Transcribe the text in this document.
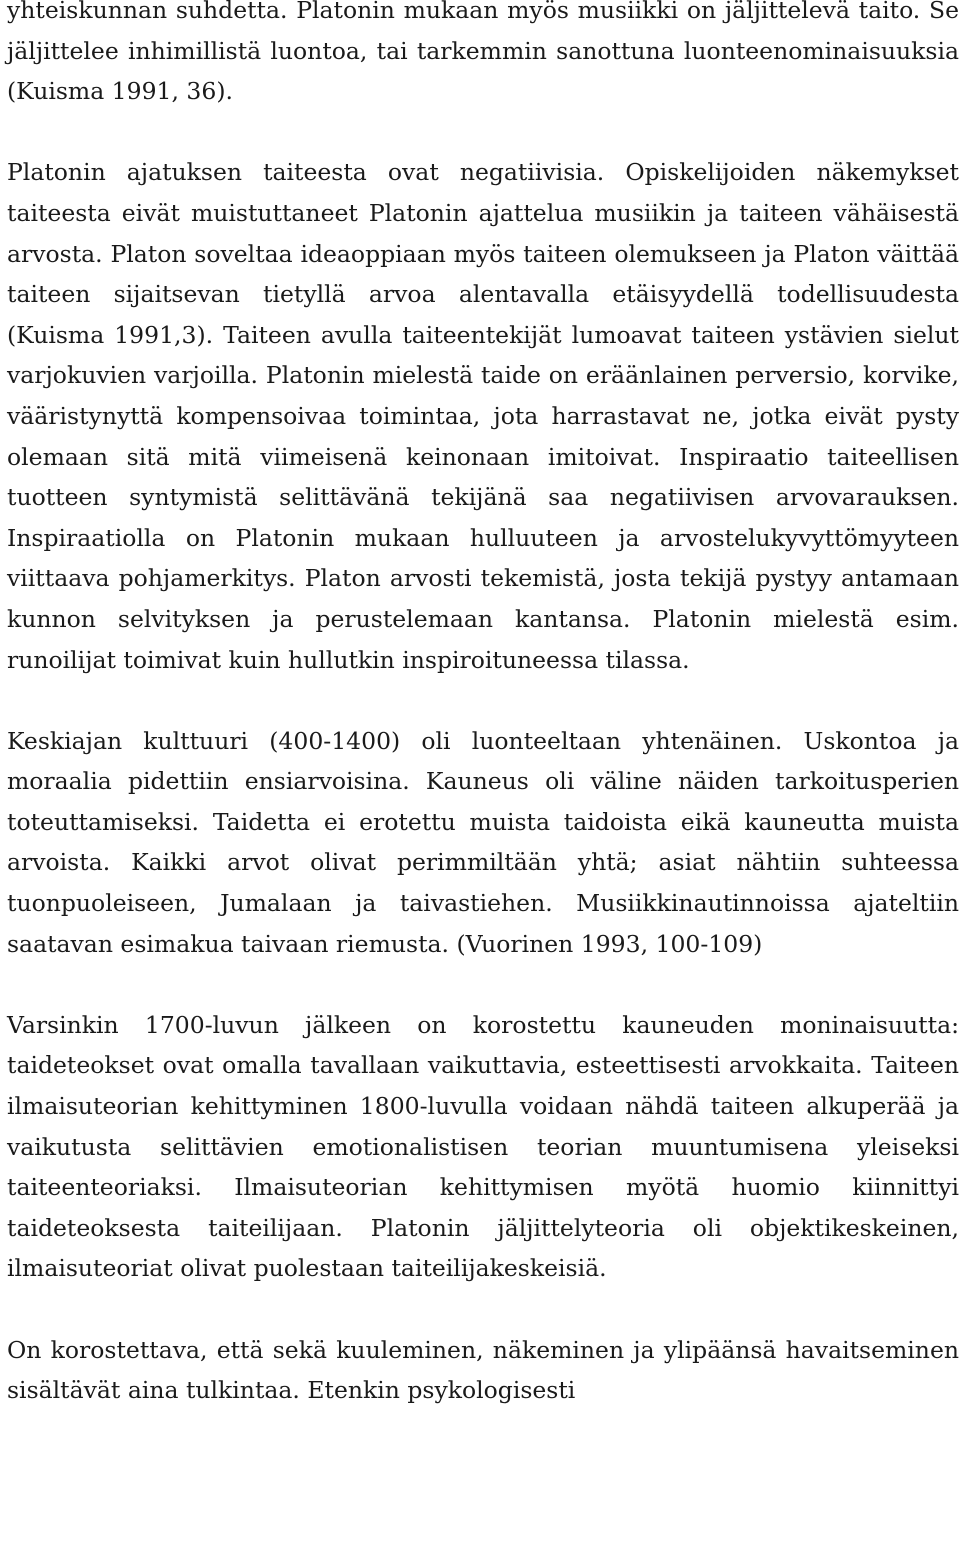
yhteiskunnan suhdetta. Platonin mukaan myös musiikki on jäljittelevä taito. Se jäljittelee inhimillistä luontoa, tai tarkemmin sanottuna luonteenominaisuuksia (Kuisma 1991, 36).

Platonin ajatuksen taiteesta ovat negatiivisia. Opiskelijoiden näkemykset taiteesta eivät muistuttaneet Platonin ajattelua musiikin ja taiteen vähäisestä arvosta. Platon soveltaa ideaoppiaan myös taiteen olemukseen ja Platon väittää taiteen sijaitsevan tietyllä arvoa alentavalla etäisyydellä todellisuudesta (Kuisma 1991,3). Taiteen avulla taiteentekijät lumoavat taiteen ystävien sielut varjokuvien varjoilla. Platonin mielestä taide on eräänlainen perversio, korvike, vääristynyttä kompensoivaa toimintaa, jota harrastavat ne, jotka eivät pysty olemaan sitä mitä viimeisenä keinonaan imitoivat. Inspiraatio taiteellisen tuotteen syntymistä selittävänä tekijänä saa negatiivisen arvovarauksen. Inspiraatiolla on Platonin mukaan hulluuteen ja arvostelukyvyttömyyteen viittaava pohjamerkitys. Platon arvosti tekemistä, josta tekijä pystyy antamaan kunnon selvityksen ja perustelemaan kantansa. Platonin mielestä esim. runoilijat toimivat kuin hullutkin inspiroituneessa tilassa.

Keskiajan kulttuuri (400-1400) oli luonteeltaan yhtenäinen. Uskontoa ja moraalia pidettiin ensiarvoisina. Kauneus oli väline näiden tarkoitusperien toteuttamiseksi. Taidetta ei erotettu muista taidoista eikä kauneutta muista arvoista. Kaikki arvot olivat perimmiltään yhtä; asiat nähtiin suhteessa tuonpuoleiseen, Jumalaan ja taivastiehen. Musiikkinautinnoissa ajateltiin saatavan esimakua taivaan riemusta. (Vuorinen 1993, 100-109)

Varsinkin 1700-luvun jälkeen on korostettu kauneuden moninaisuutta: taideteokset ovat omalla tavallaan vaikuttavia, esteettisesti arvokkaita. Taiteen ilmaisuteorian kehittyminen 1800-luvulla voidaan nähdä taiteen alkuperää ja vaikutusta selittävien emotionalistisen teorian muuntumisena yleiseksi taiteenteoriaksi. Ilmaisuteorian kehittymisen myötä huomio kiinnittyi taideteoksesta taiteilijaan. Platonin jäljittelyteoria oli objektikeskeinen, ilmaisuteoriat olivat puolestaan taiteilijakeskeisiä.

On korostettava, että sekä kuuleminen, näkeminen ja ylipäänsä havaitseminen sisältävät aina tulkintaa. Etenkin psykologisesti
